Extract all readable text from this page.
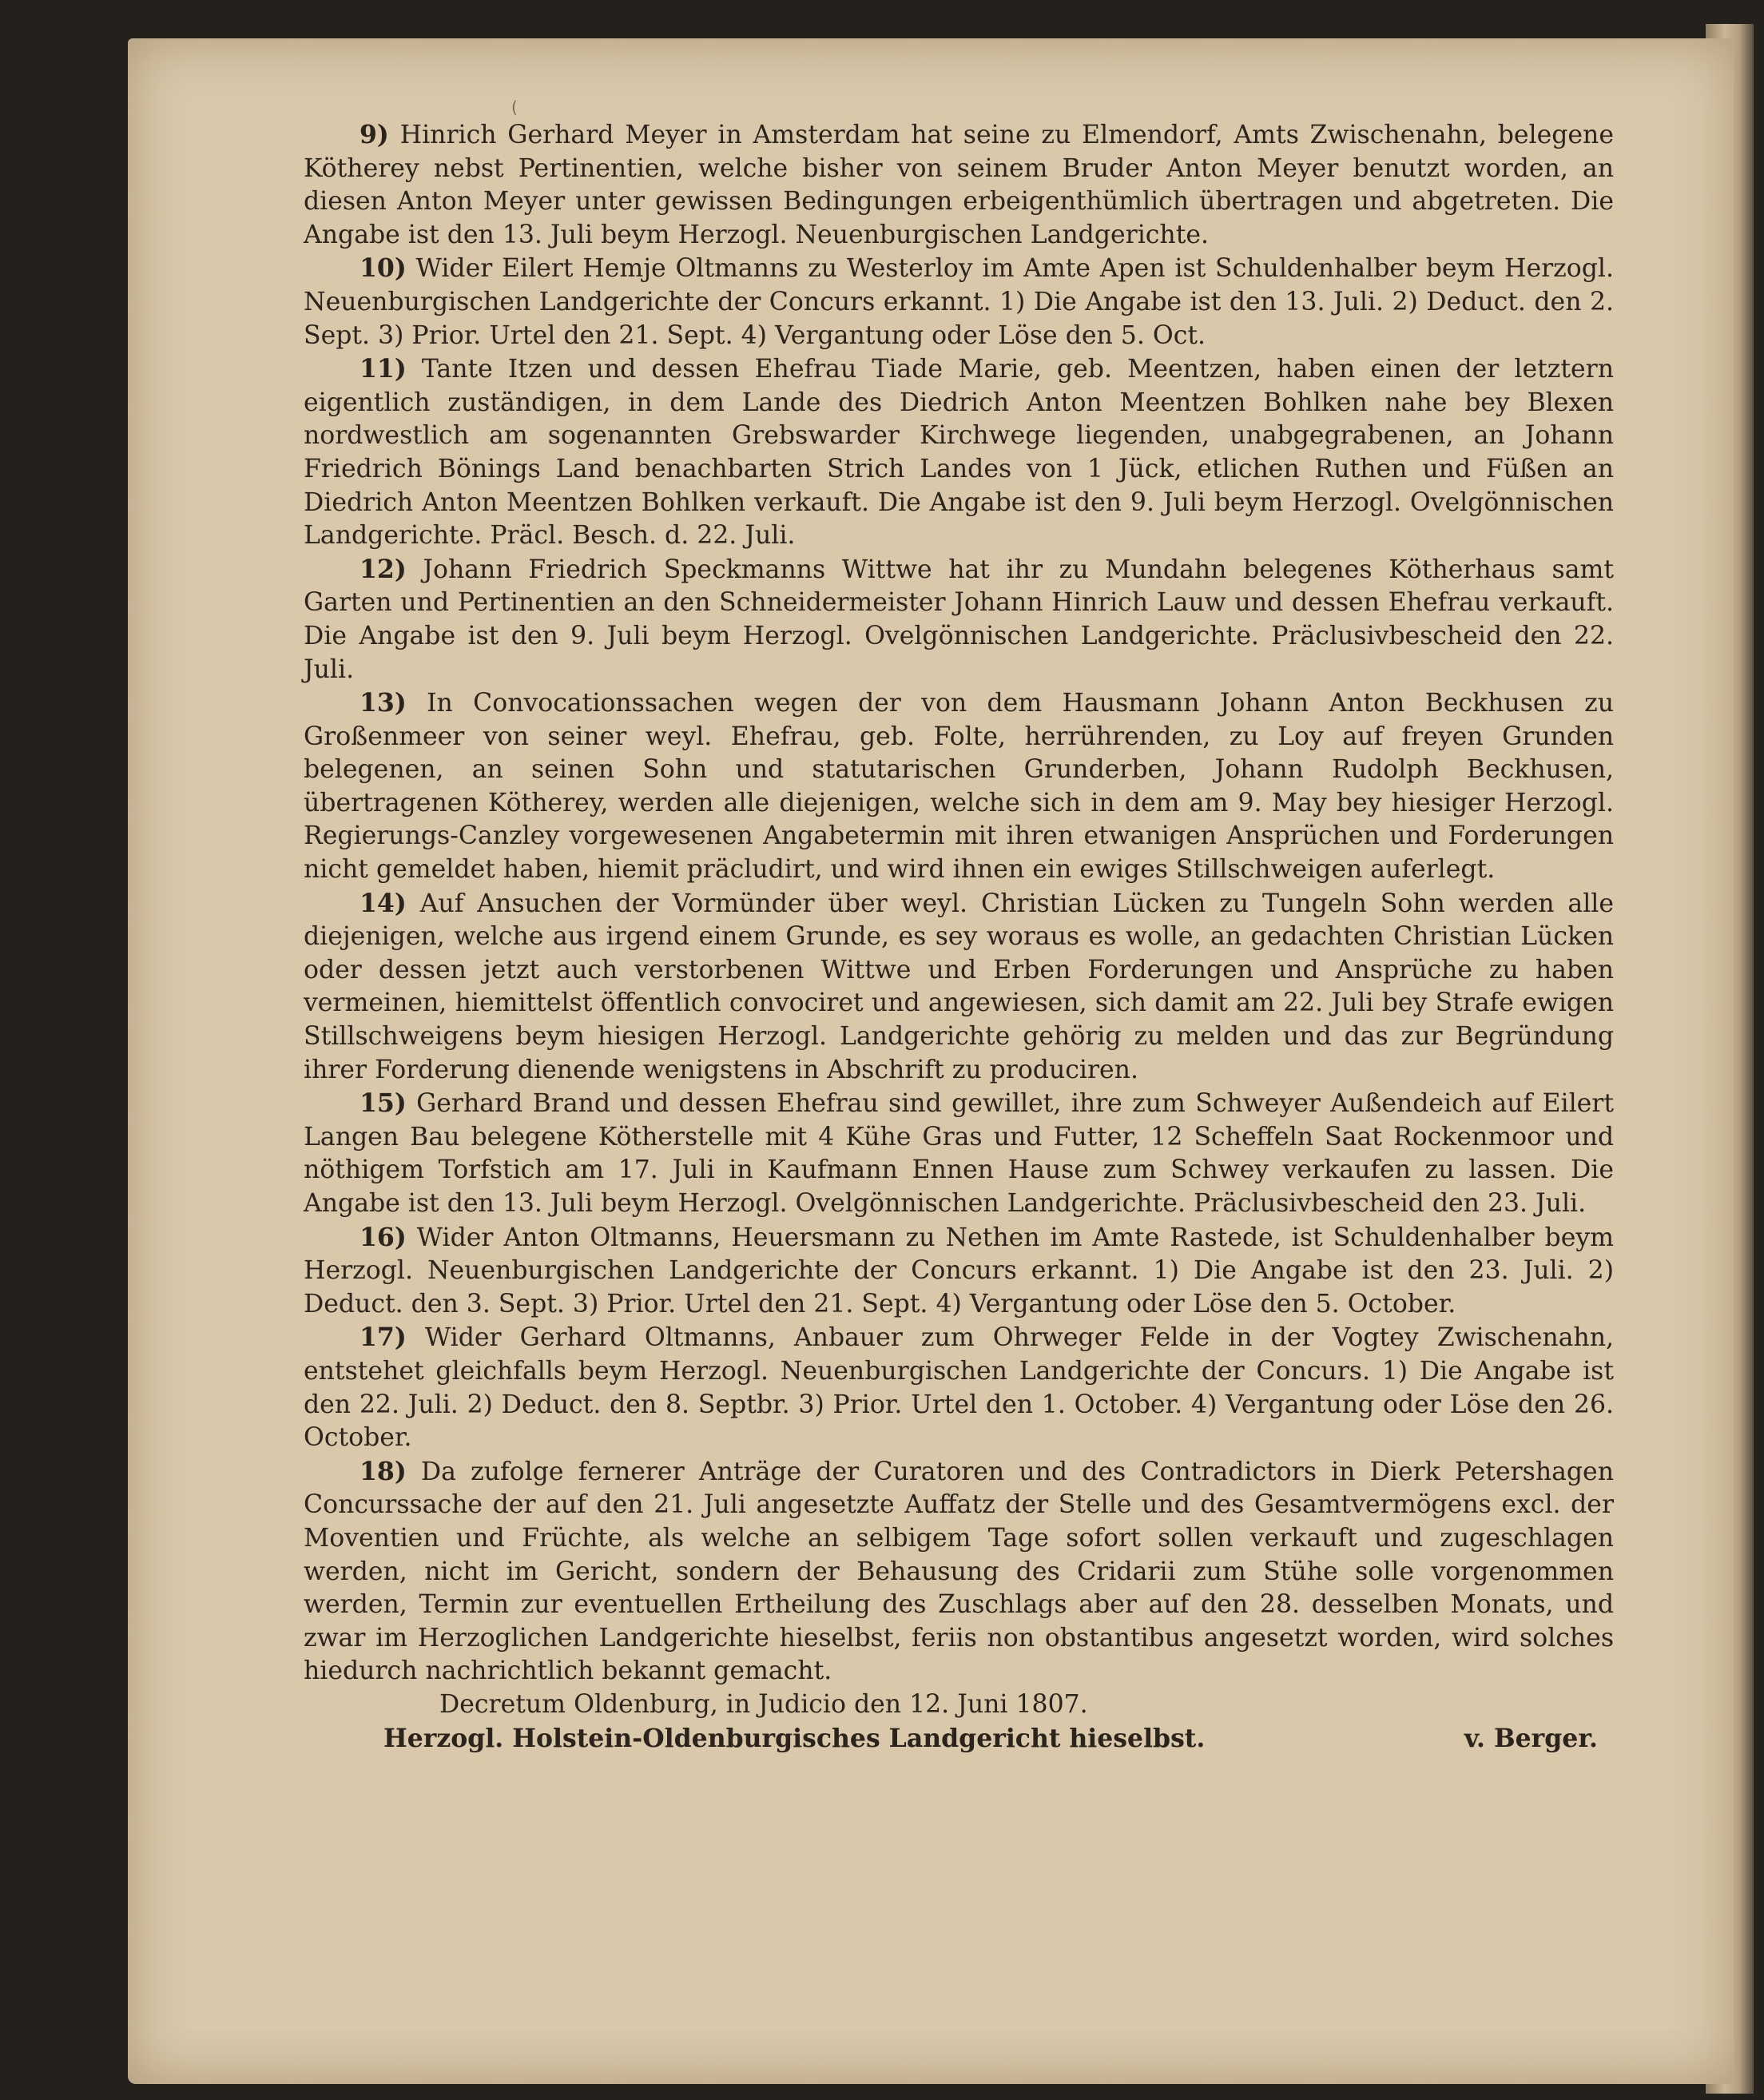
(

9) Hinrich Gerhard Meyer in Amsterdam hat seine zu Elmendorf, Amts Zwischenahn, belegene Kötherey nebst Pertinentien, welche bisher von seinem Bruder Anton Meyer benutzt worden, an diesen Anton Meyer unter gewissen Bedingungen erbeigenthümlich übertragen und abgetreten. Die Angabe ist den 13. Juli beym Herzogl. Neuenburgischen Landgerichte.

10) Wider Eilert Hemje Oltmanns zu Westerloy im Amte Apen ist Schuldenhalber beym Herzogl. Neuenburgischen Landgerichte der Concurs erkannt. 1) Die Angabe ist den 13. Juli. 2) Deduct. den 2. Sept. 3) Prior. Urtel den 21. Sept. 4) Vergantung oder Löse den 5. Oct.

11) Tante Itzen und dessen Ehefrau Tiade Marie, geb. Meentzen, haben einen der letztern eigentlich zuständigen, in dem Lande des Diedrich Anton Meentzen Bohlken nahe bey Blexen nordwestlich am sogenannten Grebswarder Kirchwege liegenden, unabgegrabenen, an Johann Friedrich Bönings Land benachbarten Strich Landes von 1 Jück, etlichen Ruthen und Füßen an Diedrich Anton Meentzen Bohlken verkauft. Die Angabe ist den 9. Juli beym Herzogl. Ovelgönnischen Landgerichte. Präcl. Besch. d. 22. Juli.

12) Johann Friedrich Speckmanns Wittwe hat ihr zu Mundahn belegenes Kötherhaus samt Garten und Pertinentien an den Schneidermeister Johann Hinrich Lauw und dessen Ehefrau verkauft. Die Angabe ist den 9. Juli beym Herzogl. Ovelgönnischen Landgerichte. Präclusivbescheid den 22. Juli.

13) In Convocationssachen wegen der von dem Hausmann Johann Anton Beckhusen zu Großenmeer von seiner weyl. Ehefrau, geb. Folte, herrührenden, zu Loy auf freyen Grunden belegenen, an seinen Sohn und statutarischen Grunderben, Johann Rudolph Beckhusen, übertragenen Kötherey, werden alle diejenigen, welche sich in dem am 9. May bey hiesiger Herzogl. Regierungs-Canzley vorgewesenen Angabetermin mit ihren etwanigen Ansprüchen und Forderungen nicht gemeldet haben, hiemit präcludirt, und wird ihnen ein ewiges Stillschweigen auferlegt.

14) Auf Ansuchen der Vormünder über weyl. Christian Lücken zu Tungeln Sohn werden alle diejenigen, welche aus irgend einem Grunde, es sey woraus es wolle, an gedachten Christian Lücken oder dessen jetzt auch verstorbenen Wittwe und Erben Forderungen und Ansprüche zu haben vermeinen, hiemittelst öffentlich convociret und angewiesen, sich damit am 22. Juli bey Strafe ewigen Stillschweigens beym hiesigen Herzogl. Landgerichte gehörig zu melden und das zur Begründung ihrer Forderung dienende wenigstens in Abschrift zu produciren.

15) Gerhard Brand und dessen Ehefrau sind gewillet, ihre zum Schweyer Außendeich auf Eilert Langen Bau belegene Kötherstelle mit 4 Kühe Gras und Futter, 12 Scheffeln Saat Rockenmoor und nöthigem Torfstich am 17. Juli in Kaufmann Ennen Hause zum Schwey verkaufen zu lassen. Die Angabe ist den 13. Juli beym Herzogl. Ovelgönnischen Landgerichte. Präclusivbescheid den 23. Juli.

16) Wider Anton Oltmanns, Heuersmann zu Nethen im Amte Rastede, ist Schuldenhalber beym Herzogl. Neuenburgischen Landgerichte der Concurs erkannt. 1) Die Angabe ist den 23. Juli. 2) Deduct. den 3. Sept. 3) Prior. Urtel den 21. Sept. 4) Vergantung oder Löse den 5. October.

17) Wider Gerhard Oltmanns, Anbauer zum Ohrweger Felde in der Vogtey Zwischenahn, entstehet gleichfalls beym Herzogl. Neuenburgischen Landgerichte der Concurs. 1) Die Angabe ist den 22. Juli. 2) Deduct. den 8. Septbr. 3) Prior. Urtel den 1. October. 4) Vergantung oder Löse den 26. October.

18) Da zufolge fernerer Anträge der Curatoren und des Contradictors in Dierk Petershagen Concurssache der auf den 21. Juli angesetzte Auffatz der Stelle und des Gesamtvermögens excl. der Moventien und Früchte, als welche an selbigem Tage sofort sollen verkauft und zugeschlagen werden, nicht im Gericht, sondern der Behausung des Cridarii zum Stühe solle vorgenommen werden, Termin zur eventuellen Ertheilung des Zuschlags aber auf den 28. desselben Monats, und zwar im Herzoglichen Landgerichte hieselbst, feriis non obstantibus angesetzt worden, wird solches hiedurch nachrichtlich bekannt gemacht.

Decretum Oldenburg, in Judicio den 12. Juni 1807.

Herzogl. Holstein-Oldenburgisches Landgericht hieselbst.	v. Berger.
